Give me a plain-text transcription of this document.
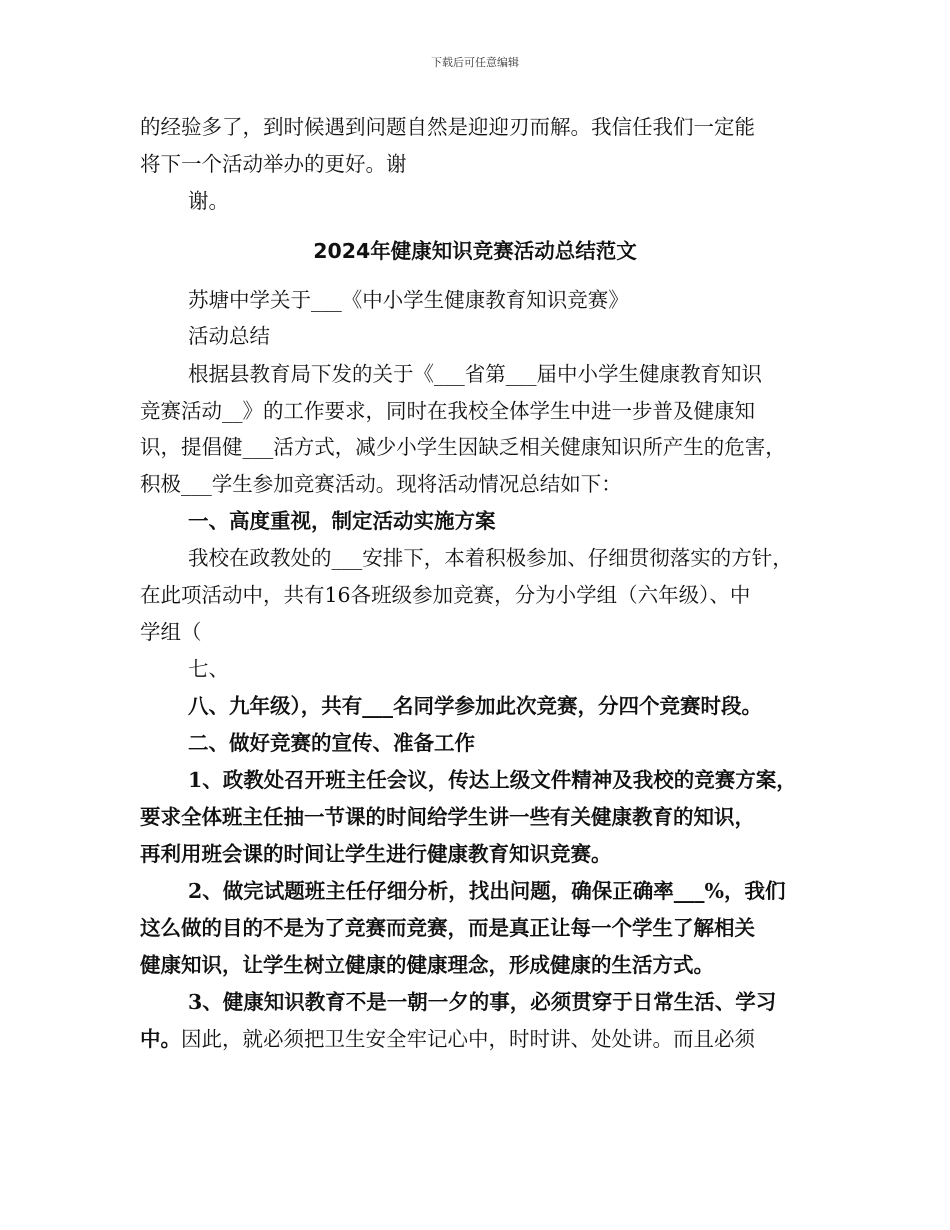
下载后可任意编辑
的经验多了，到时候遇到问题自然是迎迎刃而解。我信任我们一定能
将下一个活动举办的更好。谢
谢。
2024年健康知识竞赛活动总结范文
苏塘中学关于___《中小学生健康教育知识竞赛》
活动总结
根据县教育局下发的关于《___省第___届中小学生健康教育知识
竞赛活动__》的工作要求，同时在我校全体学生中进一步普及健康知
识，提倡健___活方式，减少小学生因缺乏相关健康知识所产生的危害，
积极___学生参加竞赛活动。现将活动情况总结如下：
一、高度重视，制定活动实施方案
我校在政教处的___安排下，本着积极参加、仔细贯彻落实的方针，
在此项活动中，共有16各班级参加竞赛，分为小学组（六年级）、中
学组（
七、
八、九年级），共有___名同学参加此次竞赛，分四个竞赛时段。
二、做好竞赛的宣传、准备工作
1、政教处召开班主任会议，传达上级文件精神及我校的竞赛方案，
要求全体班主任抽一节课的时间给学生讲一些有关健康教育的知识，
再利用班会课的时间让学生进行健康教育知识竞赛。
2、做完试题班主任仔细分析，找出问题，确保正确率___%，我们
这么做的目的不是为了竞赛而竞赛，而是真正让每一个学生了解相关
健康知识，让学生树立健康的健康理念，形成健康的生活方式。
3、健康知识教育不是一朝一夕的事，必须贯穿于日常生活、学习
中。因此，就必须把卫生安全牢记心中，时时讲、处处讲。而且必须
